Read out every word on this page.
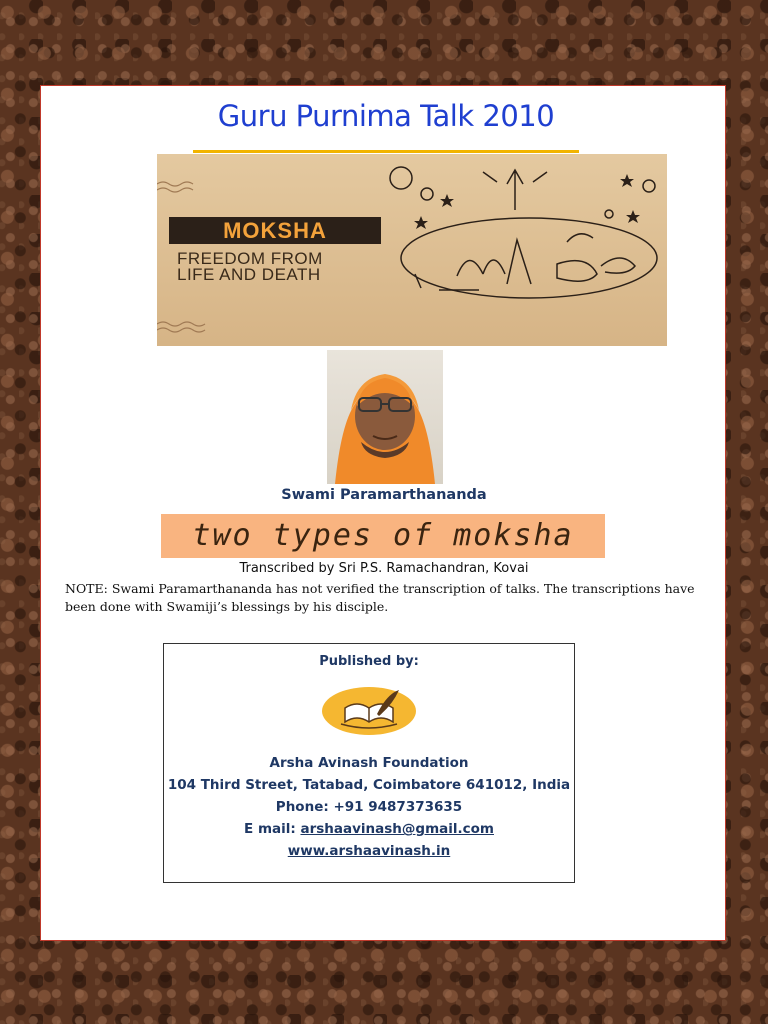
Guru Purnima Talk 2010
MOKSHA
FREEDOM FROM
LIFE AND DEATH
Swami Paramarthananda
two types of moksha
Transcribed by Sri P.S. Ramachandran, Kovai
NOTE: Swami Paramarthananda has not verified the transcription of talks. The transcriptions have been done with Swamiji’s blessings by his disciple.
Published by:
Arsha Avinash Foundation
104 Third Street, Tatabad, Coimbatore 641012, India
Phone: +91 9487373635
E mail: arshaavinash@gmail.com
www.arshaavinash.in
